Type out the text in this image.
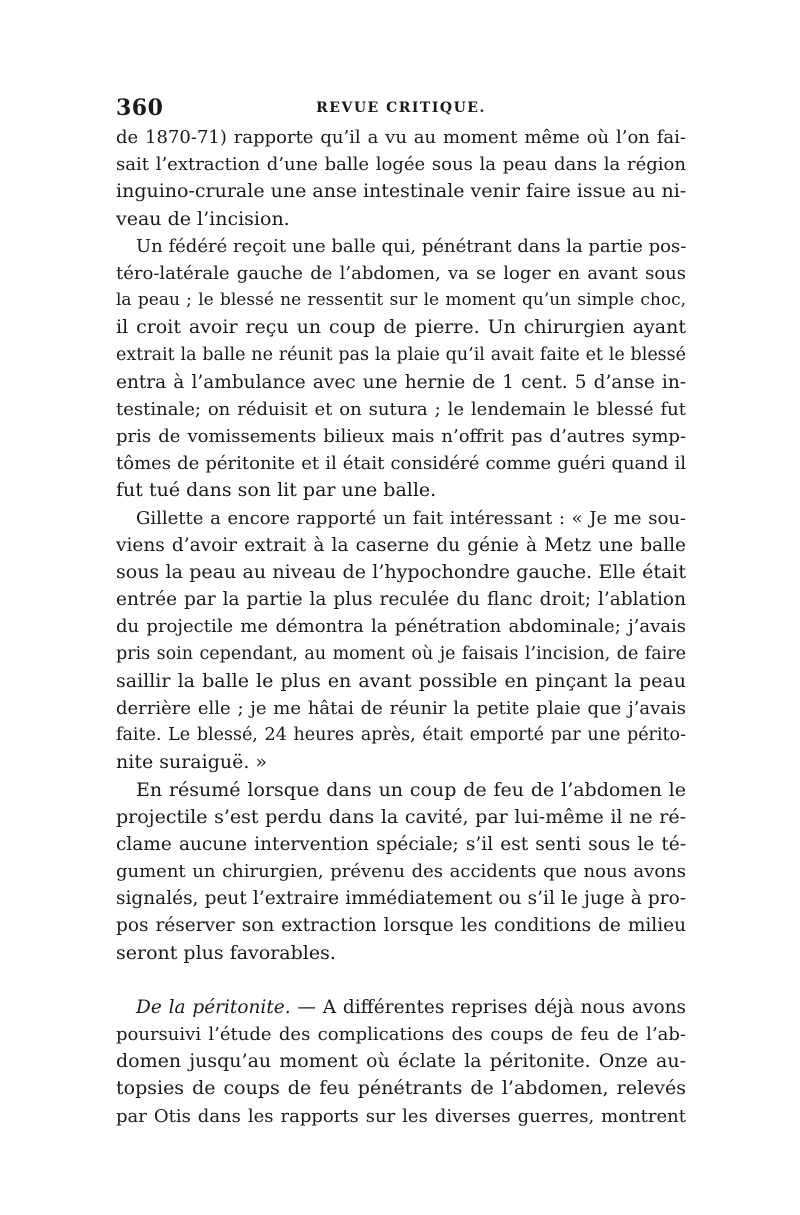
360	REVUE CRITIQUE.
de 1870-71) rapporte qu’il a vu au moment même où l’on fai-
sait l’extraction d’une balle logée sous la peau dans la région
inguino-crurale une anse intestinale venir faire issue au ni-
veau de l’incision.
Un fédéré reçoit une balle qui, pénétrant dans la partie pos-
téro-latérale gauche de l’abdomen, va se loger en avant sous
la peau ; le blessé ne ressentit sur le moment qu’un simple choc,
il croit avoir reçu un coup de pierre. Un chirurgien ayant
extrait la balle ne réunit pas la plaie qu’il avait faite et le blessé
entra à l’ambulance avec une hernie de 1 cent. 5 d’anse in-
testinale; on réduisit et on sutura ; le lendemain le blessé fut
pris de vomissements bilieux mais n’offrit pas d’autres symp-
tômes de péritonite et il était considéré comme guéri quand il
fut tué dans son lit par une balle.
Gillette a encore rapporté un fait intéressant : « Je me sou-
viens d’avoir extrait à la caserne du génie à Metz une balle
sous la peau au niveau de l’hypochondre gauche. Elle était
entrée par la partie la plus reculée du flanc droit; l’ablation
du projectile me démontra la pénétration abdominale; j’avais
pris soin cependant, au moment où je faisais l’incision, de faire
saillir la balle le plus en avant possible en pinçant la peau
derrière elle ; je me hâtai de réunir la petite plaie que j’avais
faite. Le blessé, 24 heures après, était emporté par une périto-
nite suraiguë. »
En résumé lorsque dans un coup de feu de l’abdomen le
projectile s’est perdu dans la cavité, par lui-même il ne ré-
clame aucune intervention spéciale; s’il est senti sous le té-
gument un chirurgien, prévenu des accidents que nous avons
signalés, peut l’extraire immédiatement ou s’il le juge à pro-
pos réserver son extraction lorsque les conditions de milieu
seront plus favorables.
De la péritonite. — A différentes reprises déjà nous avons
poursuivi l’étude des complications des coups de feu de l’ab-
domen jusqu’au moment où éclate la péritonite. Onze au-
topsies de coups de feu pénétrants de l’abdomen, relevés
par Otis dans les rapports sur les diverses guerres, montrent
